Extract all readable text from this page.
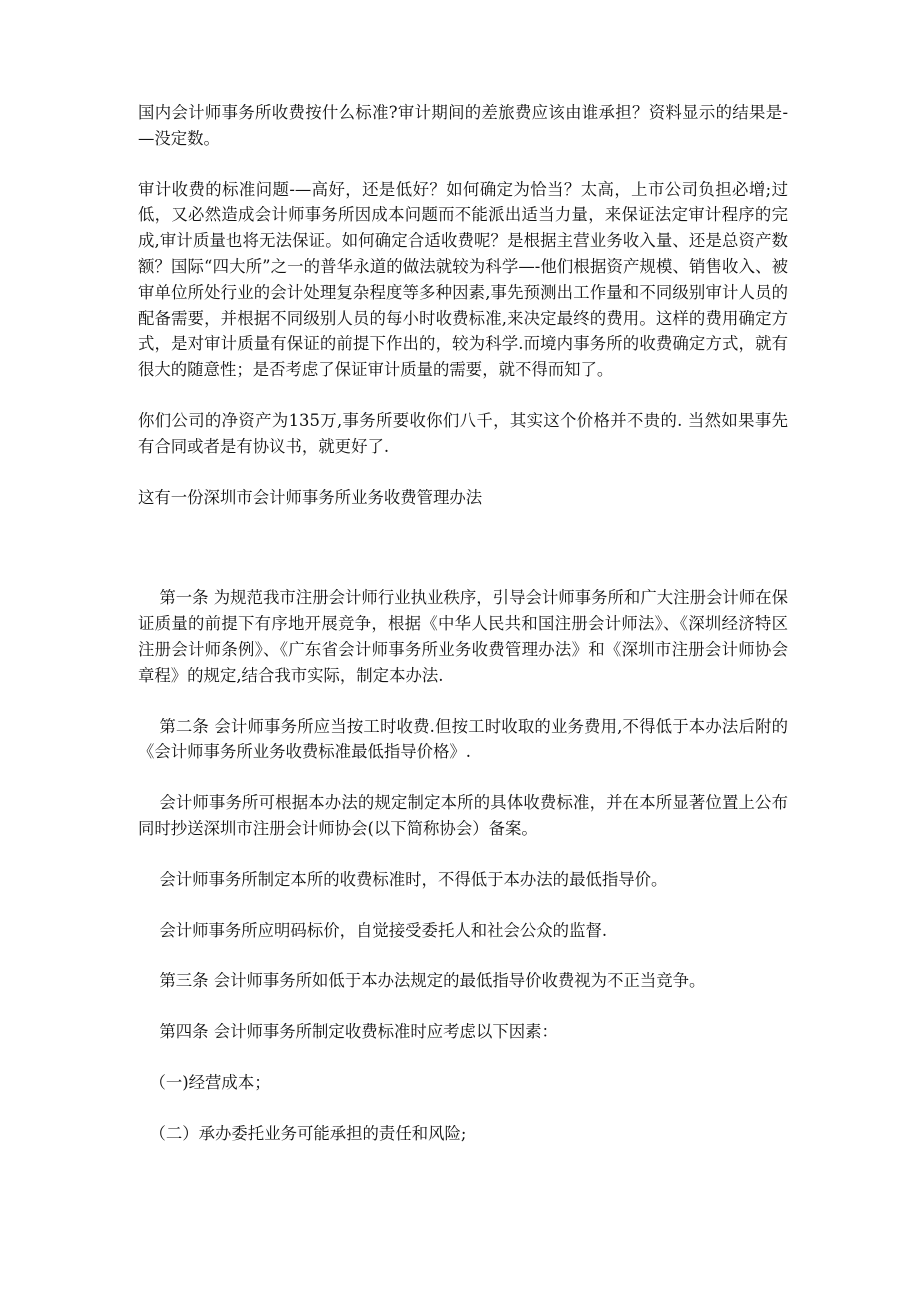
国内会计师事务所收费按什么标准?审计期间的差旅费应该由谁承担？资料显示的结果是-—没定数。

审计收费的标准问题-—高好，还是低好？如何确定为恰当？太高，上市公司负担必增;过低，又必然造成会计师事务所因成本问题而不能派出适当力量，来保证法定审计程序的完成,审计质量也将无法保证。如何确定合适收费呢？是根据主营业务收入量、还是总资产数额？国际“四大所”之一的普华永道的做法就较为科学—-他们根据资产规模、销售收入、被审单位所处行业的会计处理复杂程度等多种因素,事先预测出工作量和不同级别审计人员的配备需要，并根据不同级别人员的每小时收费标准,来决定最终的费用。这样的费用确定方式，是对审计质量有保证的前提下作出的，较为科学.而境内事务所的收费确定方式，就有很大的随意性；是否考虑了保证审计质量的需要，就不得而知了。

你们公司的净资产为135万,事务所要收你们八千，其实这个价格并不贵的. 当然如果事先有合同或者是有协议书，就更好了.

这有一份深圳市会计师事务所业务收费管理办法

第一条 为规范我市注册会计师行业执业秩序，引导会计师事务所和广大注册会计师在保证质量的前提下有序地开展竞争，根据《中华人民共和国注册会计师法》、《深圳经济特区注册会计师条例》、《广东省会计师事务所业务收费管理办法》和《深圳市注册会计师协会章程》的规定,结合我市实际，制定本办法.

第二条 会计师事务所应当按工时收费.但按工时收取的业务费用,不得低于本办法后附的《会计师事务所业务收费标准最低指导价格》.

会计师事务所可根据本办法的规定制定本所的具体收费标准，并在本所显著位置上公布同时抄送深圳市注册会计师协会(以下简称协会）备案。

会计师事务所制定本所的收费标准时，不得低于本办法的最低指导价。

会计师事务所应明码标价，自觉接受委托人和社会公众的监督.

第三条 会计师事务所如低于本办法规定的最低指导价收费视为不正当竞争。

第四条 会计师事务所制定收费标准时应考虑以下因素：

（一)经营成本；

（二）承办委托业务可能承担的责任和风险;
